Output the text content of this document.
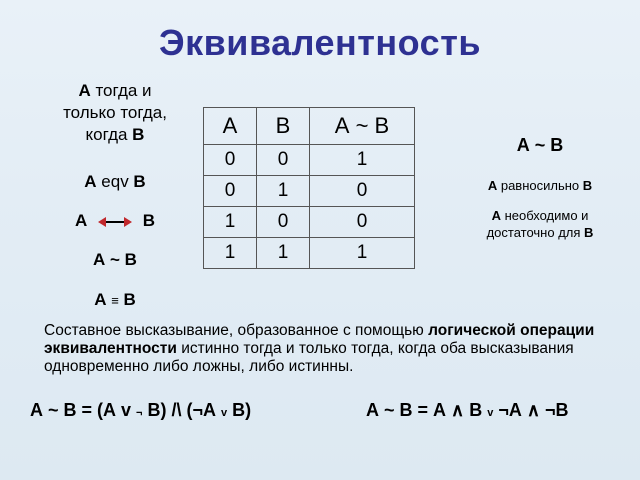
Эквивалентность
А тогда и
только тогда,
когда В
А eqv В
А	В
А ~ В
А ≡ В
А	В	А ~ В
0	0	1
0	1	0
1	0	0
1	1	1
А ~ В
А равносильно В
А необходимо и
достаточно для В
Составное высказывание, образованное с помощью логической операции эквивалентности истинно тогда и только тогда, когда оба высказывания одновременно либо ложны, либо истинны.
А ~ В = (А v ¬ В) /\ (¬А v В)	А ~ В = А ∧ В v ¬А ∧ ¬В
